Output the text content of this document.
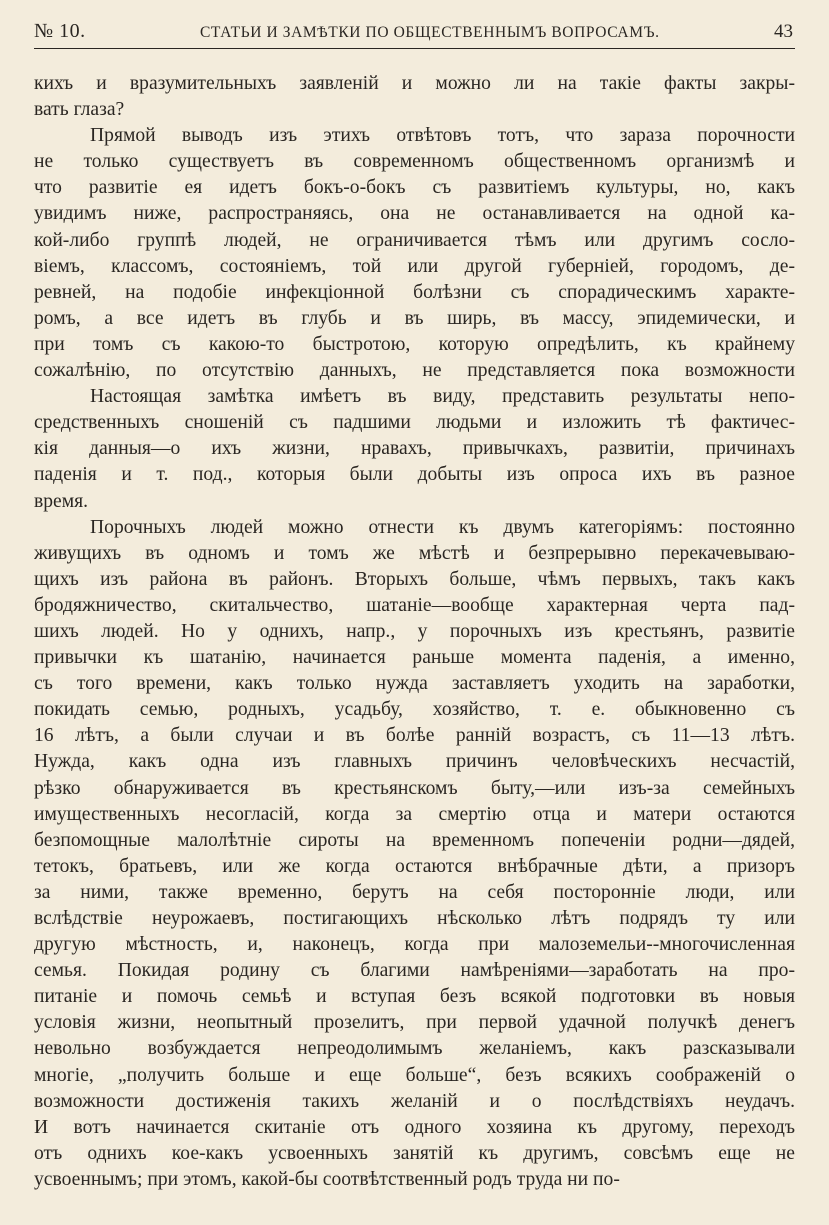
№ 10.	СТАТЬИ И ЗАМѢТКИ ПО ОБЩЕСТВЕННЫМЪ ВОПРОСАМЪ.	43
кихъ и вразумительныхъ заявленій и можно ли на такіе факты закры-
вать глаза?
Прямой выводъ изъ этихъ отвѣтовъ тотъ, что зараза порочности
не только существуетъ въ современномъ общественномъ организмѣ и
что развитіе ея идетъ бокъ-о-бокъ съ развитіемъ культуры, но, какъ
увидимъ ниже, распространяясь, она не останавливается на одной ка-
кой-либо группѣ людей, не ограничивается тѣмъ или другимъ сосло-
віемъ, классомъ, состояніемъ, той или другой губерніей, городомъ, де-
ревней, на подобіе инфекціонной болѣзни съ спорадическимъ характе-
ромъ, а все идетъ въ глубь и въ ширь, въ массу, эпидемически, и
при томъ съ какою-то быстротою, которую опредѣлить, къ крайнему
сожалѣнію, по отсутствію данныхъ, не представляется пока возможности
Настоящая замѣтка имѣетъ въ виду, представить результаты непо-
средственныхъ сношеній съ падшими людьми и изложить тѣ фактичес-
кія данныя—о ихъ жизни, нравахъ, привычкахъ, развитіи, причинахъ
паденія и т. под., которыя были добыты изъ опроса ихъ въ разное
время.
Порочныхъ людей можно отнести къ двумъ категоріямъ: постоянно
живущихъ въ одномъ и томъ же мѣстѣ и безпрерывно перекачевываю-
щихъ изъ района въ районъ. Вторыхъ больше, чѣмъ первыхъ, такъ какъ
бродяжничество, скитальчество, шатаніе—вообще характерная черта пад-
шихъ людей. Но у однихъ, напр., у порочныхъ изъ крестьянъ, развитіе
привычки къ шатанію, начинается раньше момента паденія, а именно,
съ того времени, какъ только нужда заставляетъ уходить на заработки,
покидать семью, родныхъ, усадьбу, хозяйство, т. е. обыкновенно съ
16 лѣтъ, а были случаи и въ болѣе ранній возрастъ, съ 11—13 лѣтъ.
Нужда, какъ одна изъ главныхъ причинъ человѣческихъ несчастій,
рѣзко обнаруживается въ крестьянскомъ быту,—или изъ-за семейныхъ
имущественныхъ несогласій, когда за смертію отца и матери остаются
безпомощные малолѣтніе сироты на временномъ попеченіи родни—дядей,
тетокъ, братьевъ, или же когда остаются внѣбрачные дѣти, а призоръ
за ними, также временно, берутъ на себя посторонніе люди, или
вслѣдствіе неурожаевъ, постигающихъ нѣсколько лѣтъ подрядъ ту или
другую мѣстность, и, наконецъ, когда при малоземельи--многочисленная
семья. Покидая родину съ благими намѣреніями—заработать на про-
питаніе и помочь семьѣ и вступая безъ всякой подготовки въ новыя
условія жизни, неопытный прозелитъ, при первой удачной получкѣ денегъ
невольно возбуждается непреодолимымъ желаніемъ, какъ разсказывали
многіе, „получить больше и еще больше“, безъ всякихъ соображеній о
возможности достиженія такихъ желаній и о послѣдствіяхъ неудачъ.
И вотъ начинается скитаніе отъ одного хозяина къ другому, переходъ
отъ однихъ кое-какъ усвоенныхъ занятій къ другимъ, совсѣмъ еще не
усвоеннымъ; при этомъ, какой-бы соотвѣтственный родъ труда ни по-
